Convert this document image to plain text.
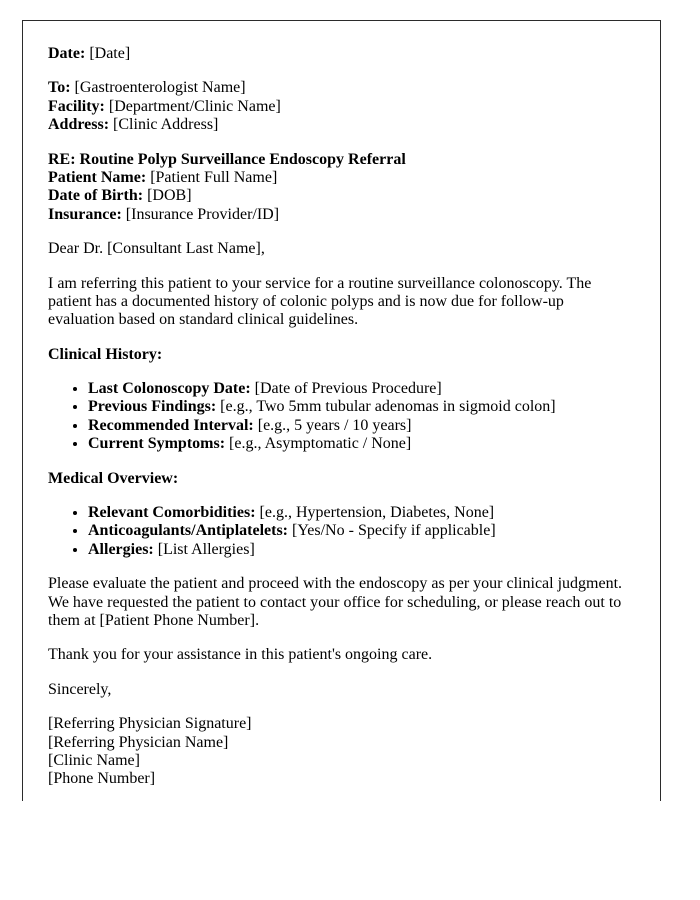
Date: [Date]

To: [Gastroenterologist Name]
Facility: [Department/Clinic Name]
Address: [Clinic Address]

RE: Routine Polyp Surveillance Endoscopy Referral
Patient Name: [Patient Full Name]
Date of Birth: [DOB]
Insurance: [Insurance Provider/ID]

Dear Dr. [Consultant Last Name],

I am referring this patient to your service for a routine surveillance colonoscopy. The patient has a documented history of colonic polyps and is now due for follow-up evaluation based on standard clinical guidelines.

Clinical History:

• Last Colonoscopy Date: [Date of Previous Procedure]
• Previous Findings: [e.g., Two 5mm tubular adenomas in sigmoid colon]
• Recommended Interval: [e.g., 5 years / 10 years]
• Current Symptoms: [e.g., Asymptomatic / None]

Medical Overview:

• Relevant Comorbidities: [e.g., Hypertension, Diabetes, None]
• Anticoagulants/Antiplatelets: [Yes/No - Specify if applicable]
• Allergies: [List Allergies]

Please evaluate the patient and proceed with the endoscopy as per your clinical judgment. We have requested the patient to contact your office for scheduling, or please reach out to them at [Patient Phone Number].

Thank you for your assistance in this patient's ongoing care.

Sincerely,

[Referring Physician Signature]
[Referring Physician Name]
[Clinic Name]
[Phone Number]
